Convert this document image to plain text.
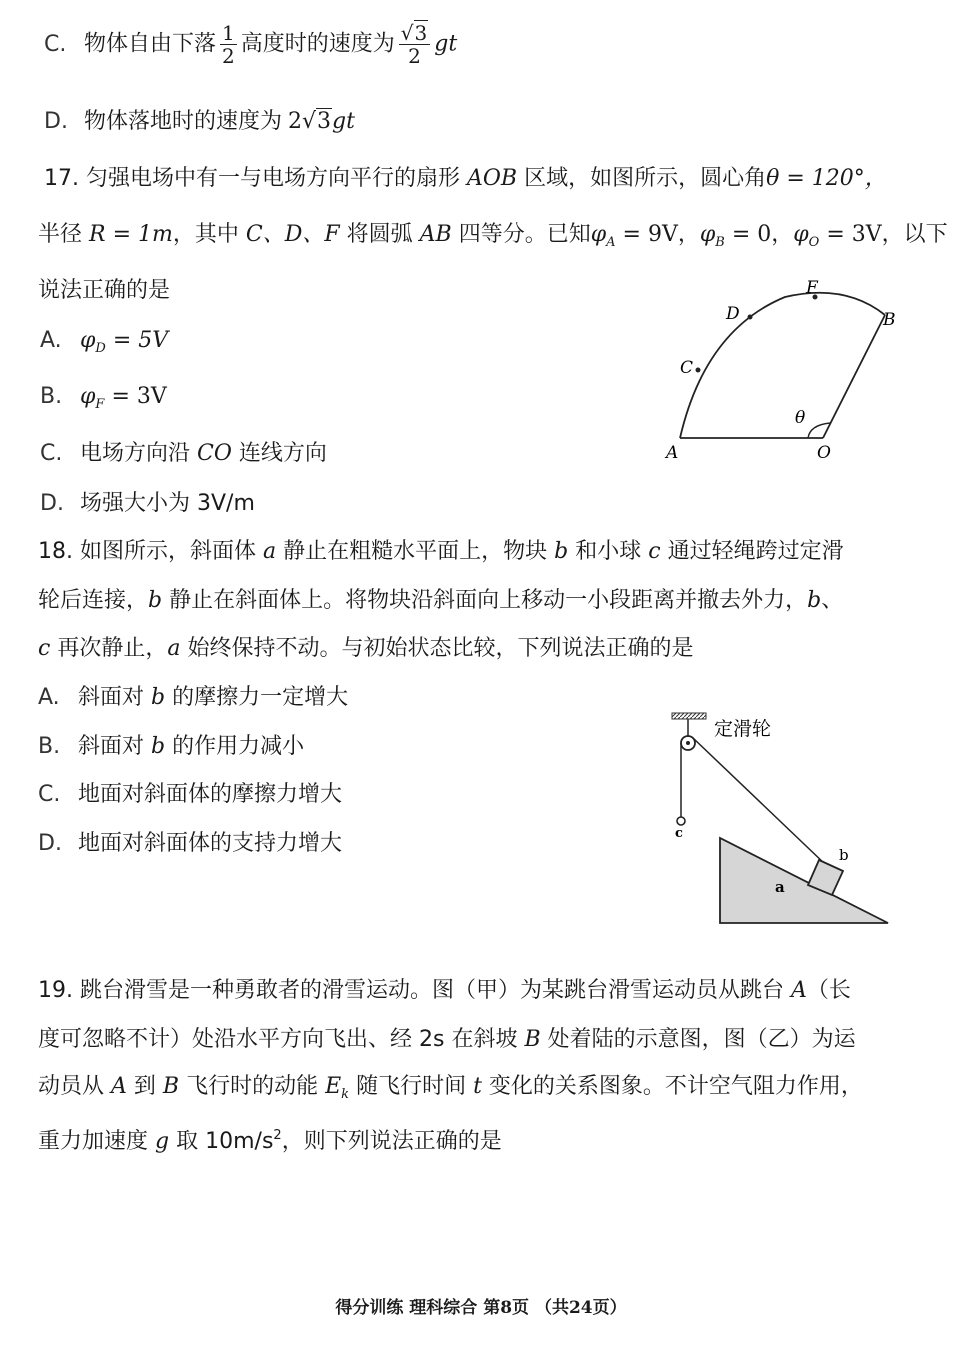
C. 物体自由下落 $\frac{1}{2}$ 高度时的速度为 $\frac{√3}{2}$ gt
D. 物体落地时的速度为 2√3gt
17. 匀强电场中有一与电场方向平行的扇形 AOB 区域，如图所示，圆心角θ = 120°，
半径 R = 1m，其中 C、D、F 将圆弧 AB 四等分。已知$\varphi_A = 9V$，$\varphi_B = 0$，$\varphi_O = 3V$，以下
说法正确的是
A. $\varphi_D = 5V$
B. $\varphi_F = 3V$
C. 电场方向沿 CO 连线方向
D. 场强大小为 3V/m
A	O
B
C
D
F
θ
18. 如图所示，斜面体 a 静止在粗糙水平面上，物块 b 和小球 c 通过轻绳跨过定滑
轮后连接，b 静止在斜面体上。将物块沿斜面向上移动一小段距离并撤去外力，b、
c 再次静止，a 始终保持不动。与初始状态比较，下列说法正确的是
A. 斜面对 b 的摩擦力一定增大
B. 斜面对 b 的作用力减小
C. 地面对斜面体的摩擦力增大
D. 地面对斜面体的支持力增大
定滑轮
c
a
b
19. 跳台滑雪是一种勇敢者的滑雪运动。图（甲）为某跳台滑雪运动员从跳台 A（长
度可忽略不计）处沿水平方向飞出、经 2s 在斜坡 B 处着陆的示意图，图（乙）为运
动员从 A 到 B 飞行时的动能 $E_k$ 随飞行时间 t 变化的关系图象。不计空气阻力作用，
重力加速度 g 取 $10m/s^2$，则下列说法正确的是
得分训练 理科综合 第8页 （共24页）
